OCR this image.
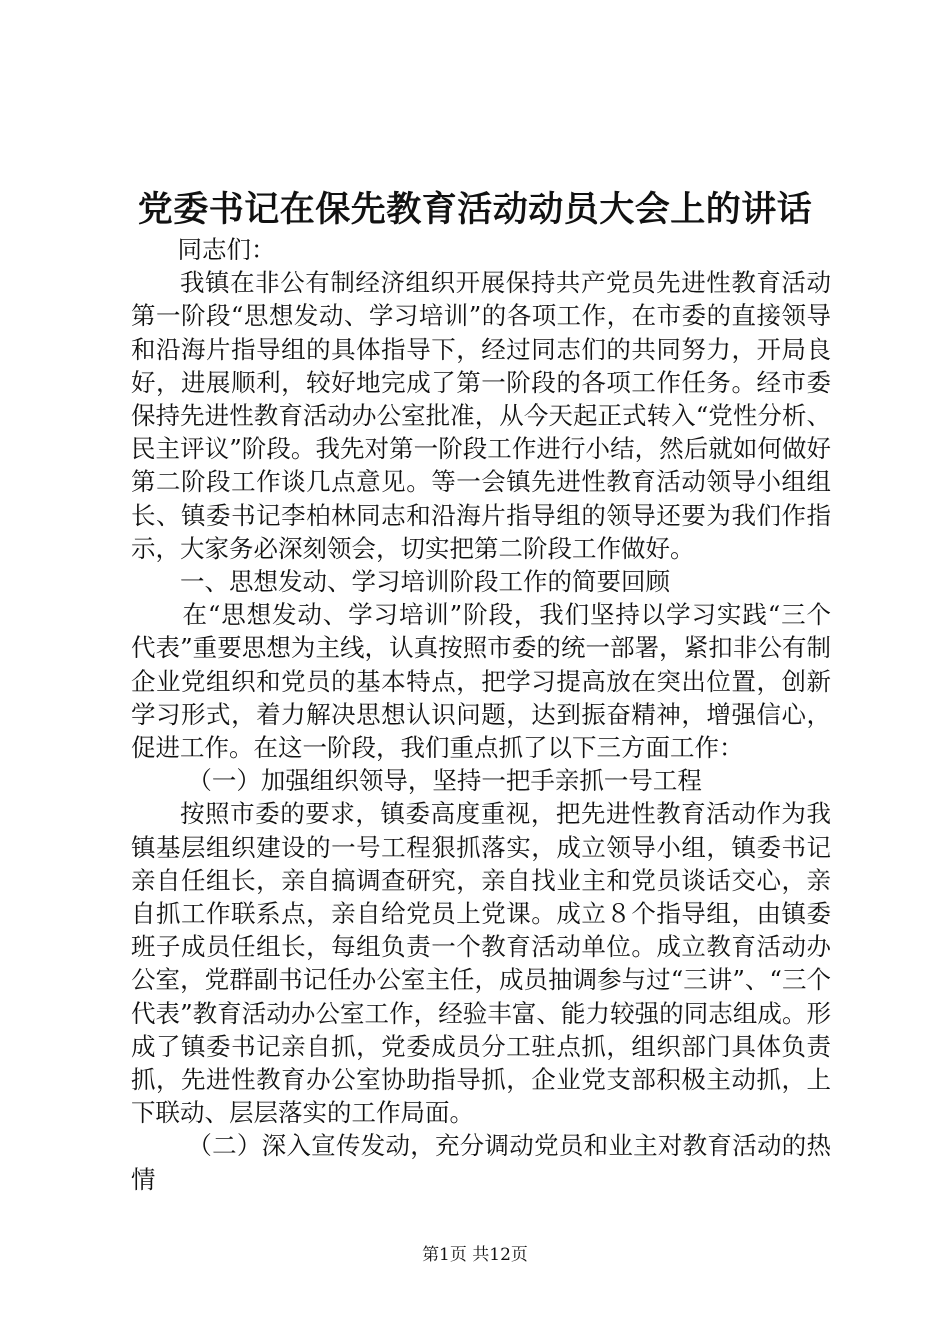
党委书记在保先教育活动动员大会上的讲话

同志们：

我镇在非公有制经济组织开展保持共产党员先进性教育活动第一阶段“思想发动、学习培训”的各项工作，在市委的直接领导和沿海片指导组的具体指导下，经过同志们的共同努力，开局良好，进展顺利，较好地完成了第一阶段的各项工作任务。经市委保持先进性教育活动办公室批准，从今天起正式转入“党性分析、民主评议”阶段。我先对第一阶段工作进行小结，然后就如何做好第二阶段工作谈几点意见。等一会镇先进性教育活动领导小组组长、镇委书记李柏林同志和沿海片指导组的领导还要为我们作指示，大家务必深刻领会，切实把第二阶段工作做好。

一、思想发动、学习培训阶段工作的简要回顾

在“思想发动、学习培训”阶段，我们坚持以学习实践“三个代表”重要思想为主线，认真按照市委的统一部署，紧扣非公有制企业党组织和党员的基本特点，把学习提高放在突出位置，创新学习形式，着力解决思想认识问题，达到振奋精神，增强信心，促进工作。在这一阶段，我们重点抓了以下三方面工作：

（一）加强组织领导，坚持一把手亲抓一号工程

按照市委的要求，镇委高度重视，把先进性教育活动作为我镇基层组织建设的一号工程狠抓落实，成立领导小组，镇委书记亲自任组长，亲自搞调查研究，亲自找业主和党员谈话交心，亲自抓工作联系点，亲自给党员上党课。成立８个指导组，由镇委班子成员任组长，每组负责一个教育活动单位。成立教育活动办公室，党群副书记任办公室主任，成员抽调参与过“三讲”、“三个代表”教育活动办公室工作，经验丰富、能力较强的同志组成。形成了镇委书记亲自抓，党委成员分工驻点抓，组织部门具体负责抓，先进性教育办公室协助指导抓，企业党支部积极主动抓，上下联动、层层落实的工作局面。

（二）深入宣传发动，充分调动党员和业主对教育活动的热情

第1页 共12页
